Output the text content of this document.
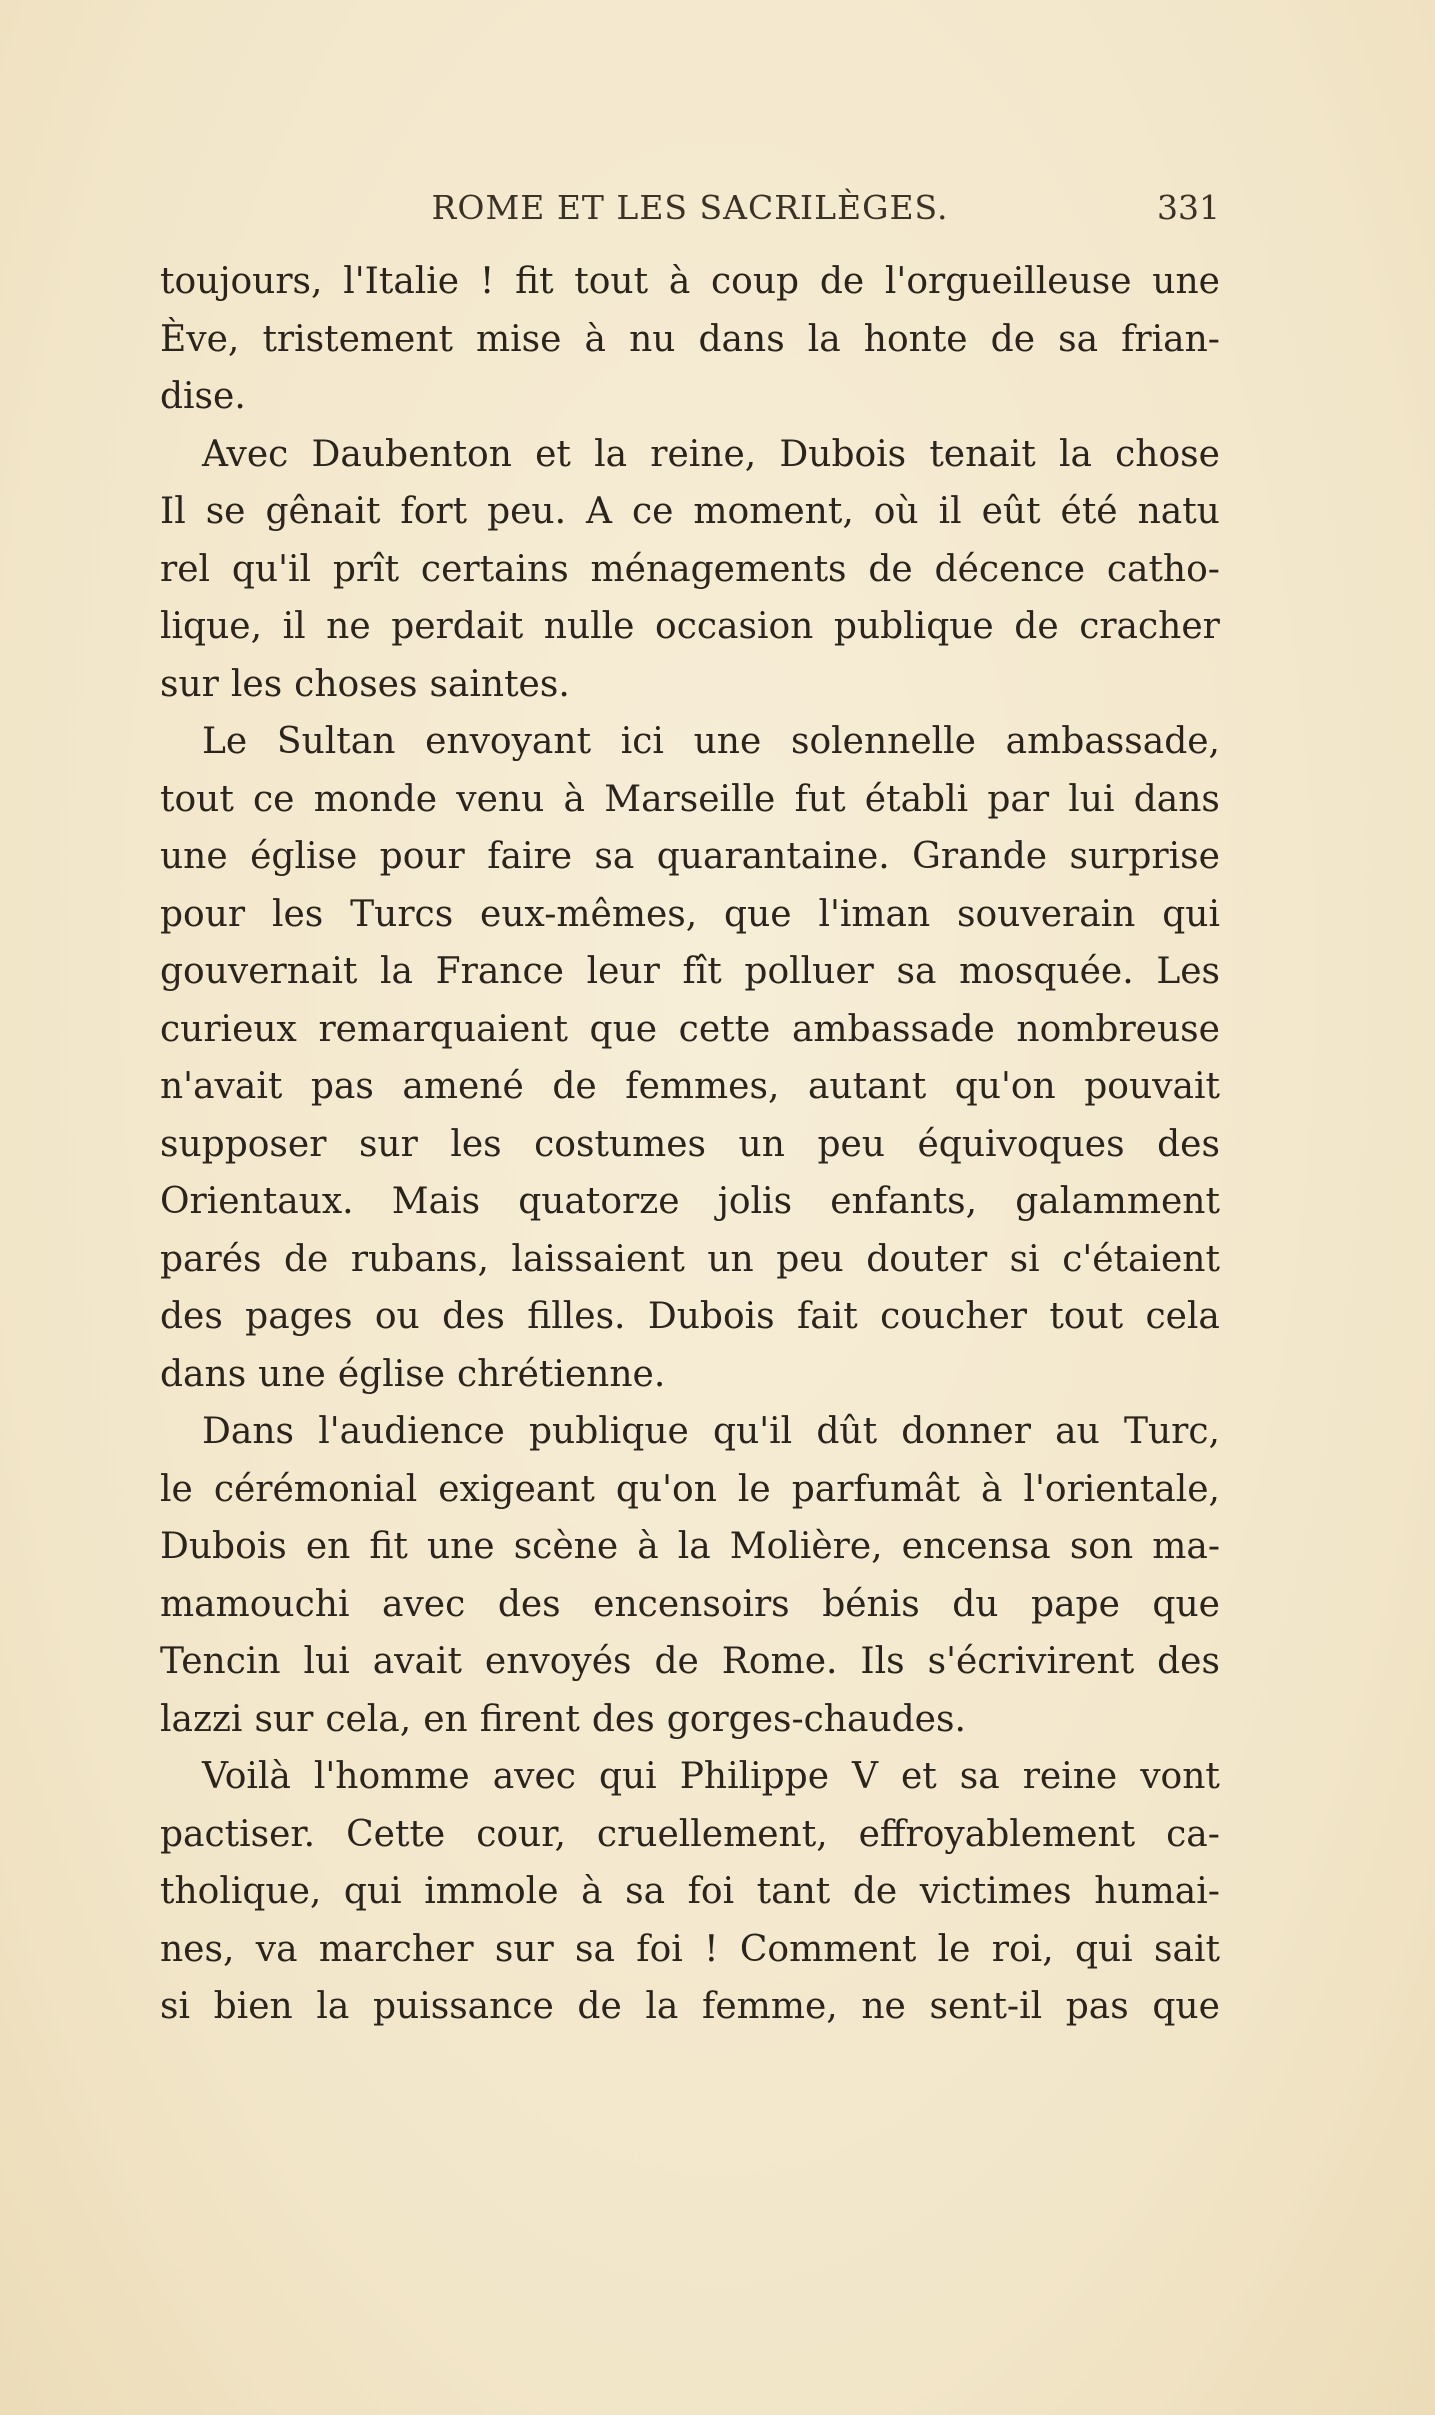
ROME ET LES SACRILÈGES.	331
toujours, l'Italie ! fit tout à coup de l'orgueilleuse une
Ève, tristement mise à nu dans la honte de sa frian-
dise.
Avec Daubenton et la reine, Dubois tenait la chose
Il se gênait fort peu. A ce moment, où il eût été natu
rel qu'il prît certains ménagements de décence catho-
lique, il ne perdait nulle occasion publique de cracher
sur les choses saintes.
Le Sultan envoyant ici une solennelle ambassade,
tout ce monde venu à Marseille fut établi par lui dans
une église pour faire sa quarantaine. Grande surprise
pour les Turcs eux-mêmes, que l'iman souverain qui
gouvernait la France leur fît polluer sa mosquée. Les
curieux remarquaient que cette ambassade nombreuse
n'avait pas amené de femmes, autant qu'on pouvait
supposer sur les costumes un peu équivoques des
Orientaux. Mais quatorze jolis enfants, galamment
parés de rubans, laissaient un peu douter si c'étaient
des pages ou des filles. Dubois fait coucher tout cela
dans une église chrétienne.
Dans l'audience publique qu'il dût donner au Turc,
le cérémonial exigeant qu'on le parfumât à l'orientale,
Dubois en fit une scène à la Molière, encensa son ma-
mamouchi avec des encensoirs bénis du pape que
Tencin lui avait envoyés de Rome. Ils s'écrivirent des
lazzi sur cela, en firent des gorges-chaudes.
Voilà l'homme avec qui Philippe V et sa reine vont
pactiser. Cette cour, cruellement, effroyablement ca-
tholique, qui immole à sa foi tant de victimes humai-
nes, va marcher sur sa foi ! Comment le roi, qui sait
si bien la puissance de la femme, ne sent-il pas que
